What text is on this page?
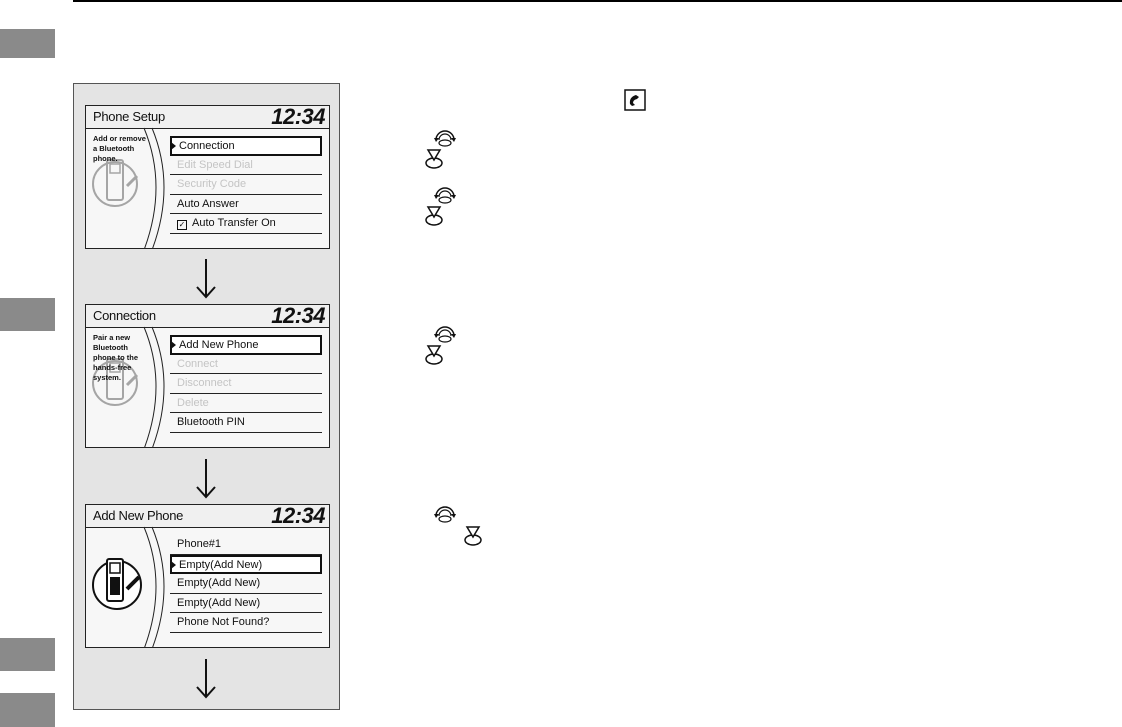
Phone Setup	12:34
Add or remove a Bluetooth phone.
Connection
Edit Speed Dial
Security Code
Auto Answer
✓ Auto Transfer On
Connection	12:34
Pair a new Bluetooth phone to the hands-free system.
Add New Phone
Connect
Disconnect
Delete
Bluetooth PIN
Add New Phone	12:34
Phone#1
Empty(Add New)
Empty(Add New)
Empty(Add New)
Phone Not Found?
